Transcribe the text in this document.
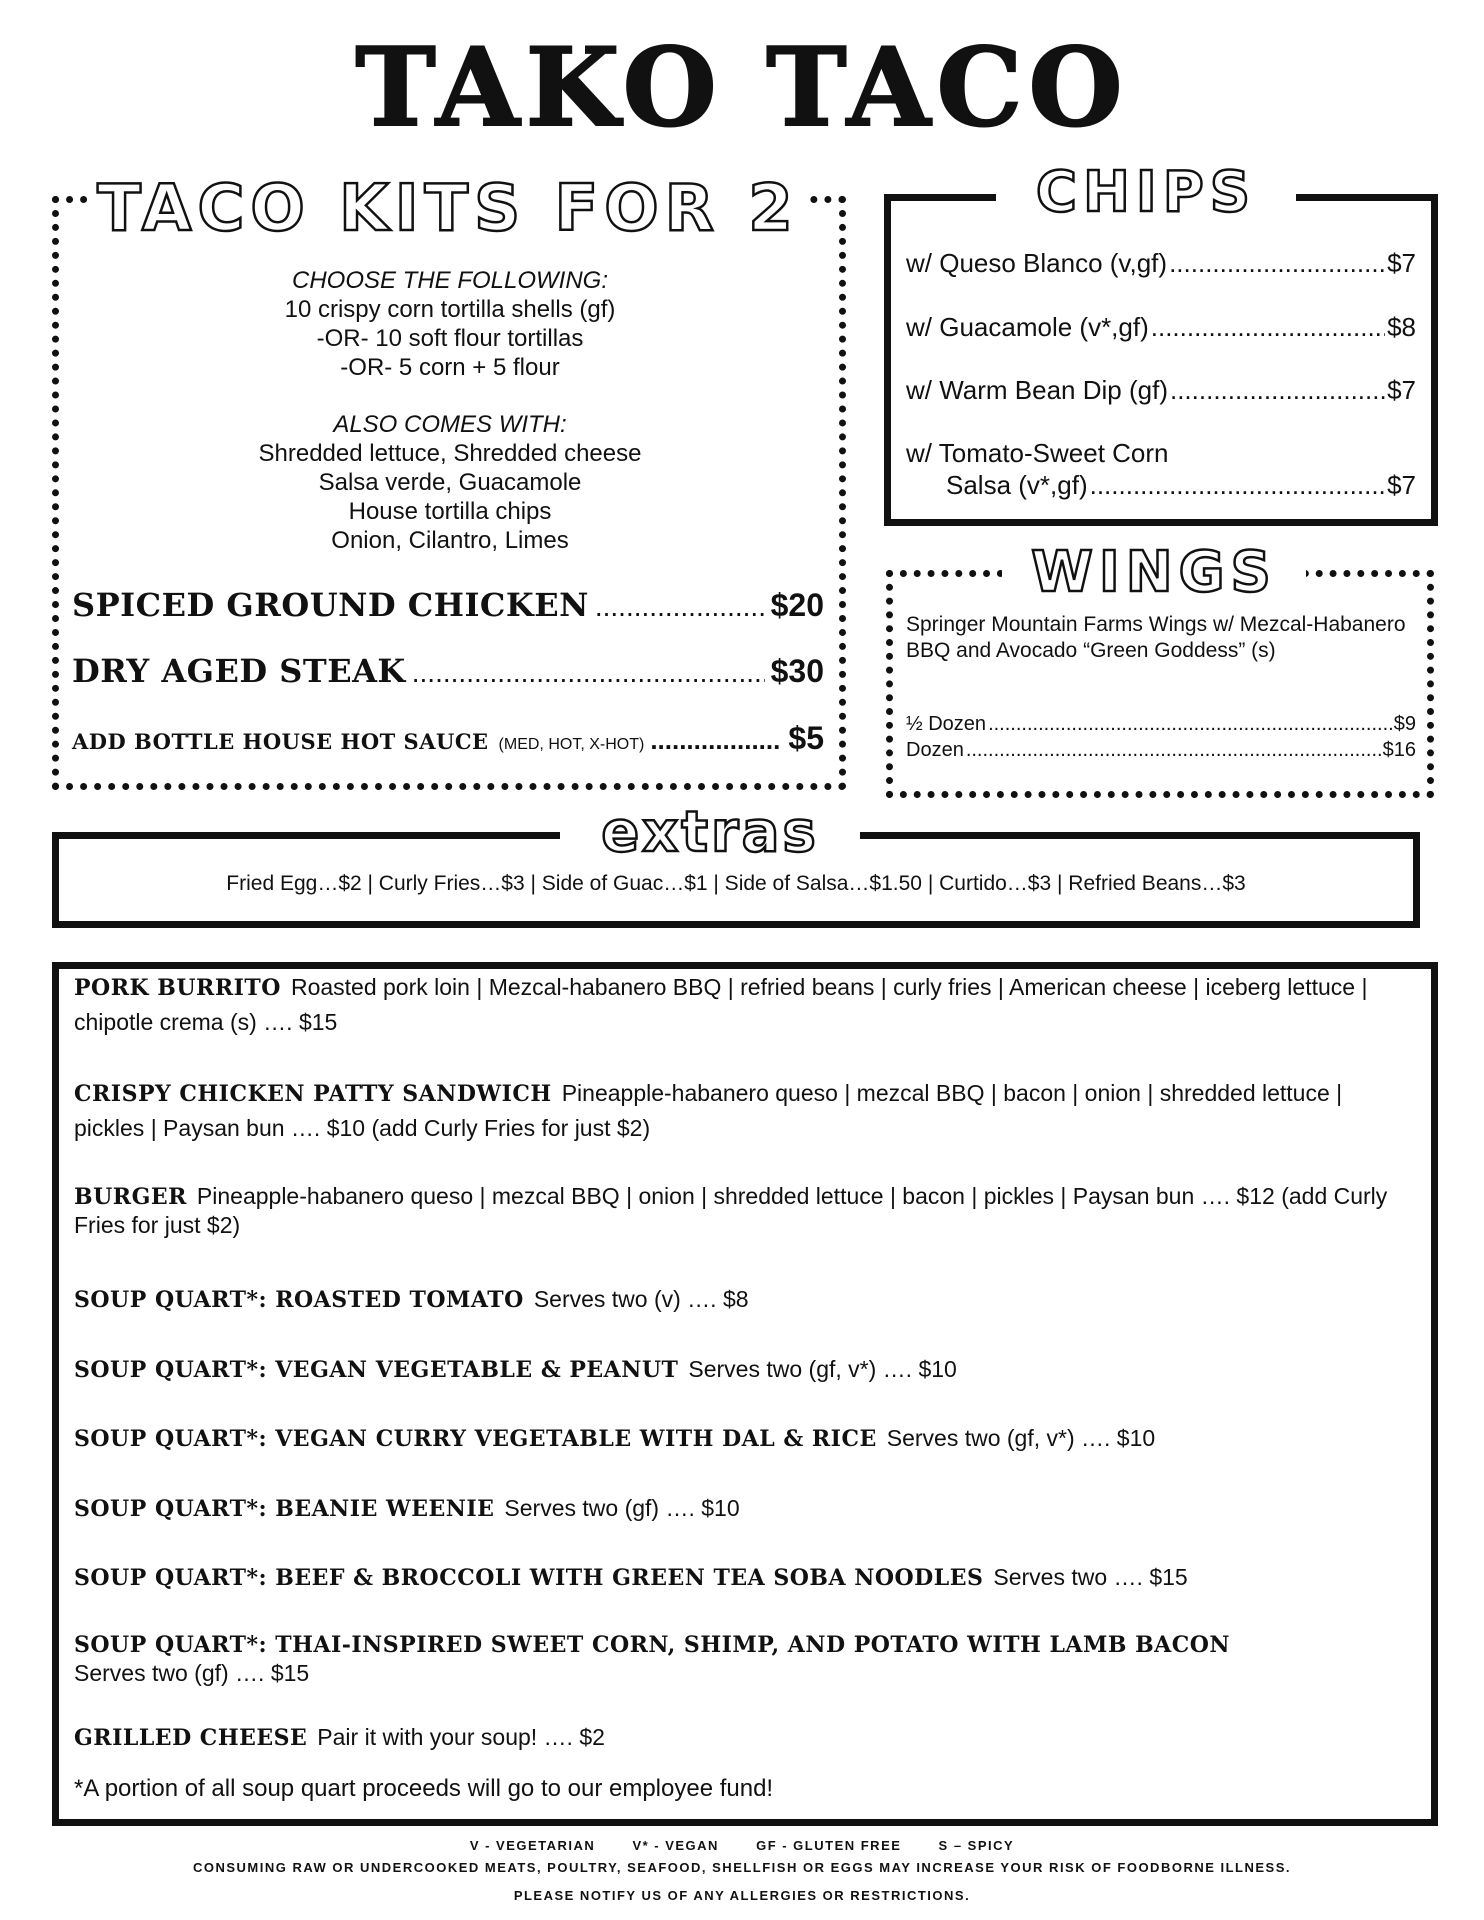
TAKO TACO
TACO KITS FOR 2
CHOOSE THE FOLLOWING:
10 crispy corn tortilla shells (gf)
-OR- 10 soft flour tortillas
-OR- 5 corn + 5 flour
ALSO COMES WITH:
Shredded lettuce, Shredded cheese
Salsa verde, Guacamole
House tortilla chips
Onion, Cilantro, Limes
SPICED GROUND CHICKEN .....	$20
DRY AGED STEAK .....	$30
ADD BOTTLE HOUSE HOT SAUCE (MED, HOT, X-HOT) .....	$5
CHIPS
w/ Queso Blanco (v,gf) .....	$7
w/ Guacamole (v*,gf) .....	$8
w/ Warm Bean Dip (gf) .....	$7
w/ Tomato-Sweet Corn
Salsa (v*,gf) .....	$7
WINGS
Springer Mountain Farms Wings w/ Mezcal-Habanero BBQ and Avocado “Green Goddess” (s)
½ Dozen .....	$9
Dozen .....	$16
extras
Fried Egg…$2 | Curly Fries…$3 | Side of Guac…$1 | Side of Salsa…$1.50 | Curtido…$3 | Refried Beans…$3
PORK BURRITO Roasted pork loin | Mezcal-habanero BBQ | refried beans | curly fries | American cheese | iceberg lettuce | chipotle crema (s) …. $15
CRISPY CHICKEN PATTY SANDWICH Pineapple-habanero queso | mezcal BBQ | bacon | onion | shredded lettuce | pickles | Paysan bun …. $10 (add Curly Fries for just $2)
BURGER Pineapple-habanero queso | mezcal BBQ | onion | shredded lettuce | bacon | pickles | Paysan bun …. $12 (add Curly Fries for just $2)
SOUP QUART*: ROASTED TOMATO Serves two (v) …. $8
SOUP QUART*: VEGAN VEGETABLE & PEANUT Serves two (gf, v*) …. $10
SOUP QUART*: VEGAN CURRY VEGETABLE WITH DAL & RICE Serves two (gf, v*) …. $10
SOUP QUART*: BEANIE WEENIE Serves two (gf) …. $10
SOUP QUART*: BEEF & BROCCOLI WITH GREEN TEA SOBA NOODLES Serves two …. $15
SOUP QUART*: THAI-INSPIRED SWEET CORN, SHIMP, AND POTATO WITH LAMB BACON
Serves two (gf) …. $15
GRILLED CHEESE Pair it with your soup! …. $2
*A portion of all soup quart proceeds will go to our employee fund!
V - VEGETARIAN	V* - VEGAN	GF - GLUTEN FREE	S – SPICY
CONSUMING RAW OR UNDERCOOKED MEATS, POULTRY, SEAFOOD, SHELLFISH OR EGGS MAY INCREASE YOUR RISK OF FOODBORNE ILLNESS.
PLEASE NOTIFY US OF ANY ALLERGIES OR RESTRICTIONS.
